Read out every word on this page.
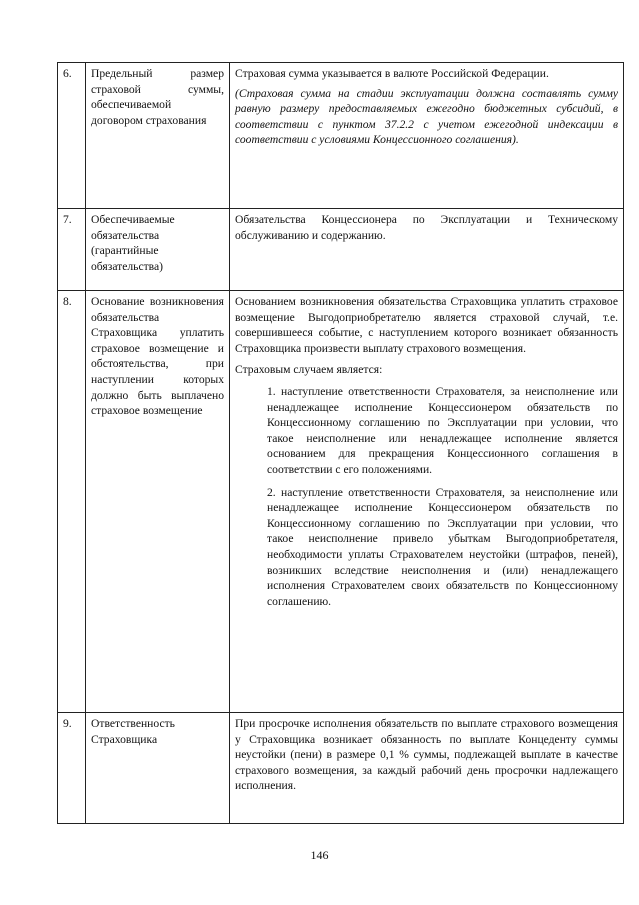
6.	Предельный размер страховой суммы, обеспечиваемой договором страхования	Страховая сумма указывается в валюте Российской Федерации.

(Страховая сумма на стадии эксплуатации должна составлять сумму равную размеру предоставляемых ежегодно бюджетных субсидий, в соответствии с пунктом 37.2.2 с учетом ежегодной индексации в соответствии с условиями Концессионного соглашения).

7.	Обеспечиваемые обязательства (гарантийные обязательства)	Обязательства Концессионера по Эксплуатации и Техническому обслуживанию и содержанию.

8.	Основание возникновения обязательства Страховщика уплатить страховое возмещение и обстоятельства, при наступлении которых должно быть выплачено страховое возмещение	Основанием возникновения обязательства Страховщика уплатить страховое возмещение Выгодоприобретателю является страховой случай, т.е. совершившееся событие, с наступлением которого возникает обязанность Страховщика произвести выплату страхового возмещения.

Страховым случаем является:

1. наступление ответственности Страхователя, за неисполнение или ненадлежащее исполнение Концессионером обязательств по Концессионному соглашению по Эксплуатации при условии, что такое неисполнение или ненадлежащее исполнение является основанием для прекращения Концессионного соглашения в соответствии с его положениями.
2. наступление ответственности Страхователя, за неисполнение или ненадлежащее исполнение Концессионером обязательств по Концессионному соглашению по Эксплуатации при условии, что такое неисполнение привело убыткам Выгодоприобретателя, необходимости уплаты Страхователем неустойки (штрафов, пеней), возникших вследствие неисполнения и (или) ненадлежащего исполнения Страхователем своих обязательств по Концессионному соглашению.

9.	Ответственность Страховщика	При просрочке исполнения обязательств по выплате страхового возмещения у Страховщика возникает обязанность по выплате Концеденту суммы неустойки (пени) в размере 0,1 % суммы, подлежащей выплате в качестве страхового возмещения, за каждый рабочий день просрочки надлежащего исполнения.

146
